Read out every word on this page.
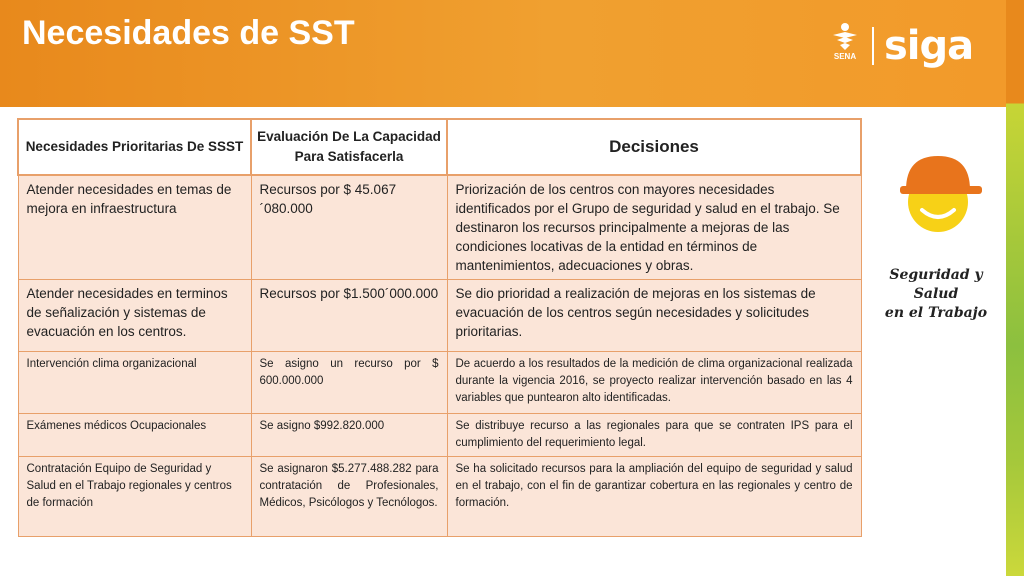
Necesidades de SST
SENA siga
Necesidades Prioritarias De SSST	Evaluación De La Capacidad Para Satisfacerla	Decisiones
Atender necesidades en temas de mejora en infraestructura	Recursos por $ 45.067´080.000	Priorización de los centros con mayores necesidades identificados por el Grupo de seguridad y salud en el trabajo. Se destinaron los recursos principalmente a mejoras de las condiciones locativas de la entidad en términos de mantenimientos, adecuaciones y obras.
Atender necesidades en terminos de señalización y sistemas de evacuación en los centros.	Recursos por $1.500´000.000	Se dio prioridad a realización de mejoras en los sistemas de evacuación de los centros según necesidades y solicitudes prioritarias.
Intervención clima organizacional	Se asigno un recurso por $ 600.000.000	De acuerdo a los resultados de la medición de clima organizacional realizada durante la vigencia 2016, se proyecto realizar intervención basado en las 4 variables que puntearon alto identificadas.
Exámenes médicos Ocupacionales	Se asigno $992.820.000	Se distribuye recurso a las regionales para que se contraten IPS para el cumplimiento del requerimiento legal.
Contratación Equipo de Seguridad y Salud en el Trabajo regionales y centros de formación	Se asignaron $5.277.488.282 para contratación de Profesionales, Médicos, Psicólogos y Tecnólogos.	Se ha solicitado recursos para la ampliación del equipo de seguridad y salud en el trabajo, con el fin de garantizar cobertura en las regionales y centro de formación.
Seguridad y Salud
en el Trabajo
